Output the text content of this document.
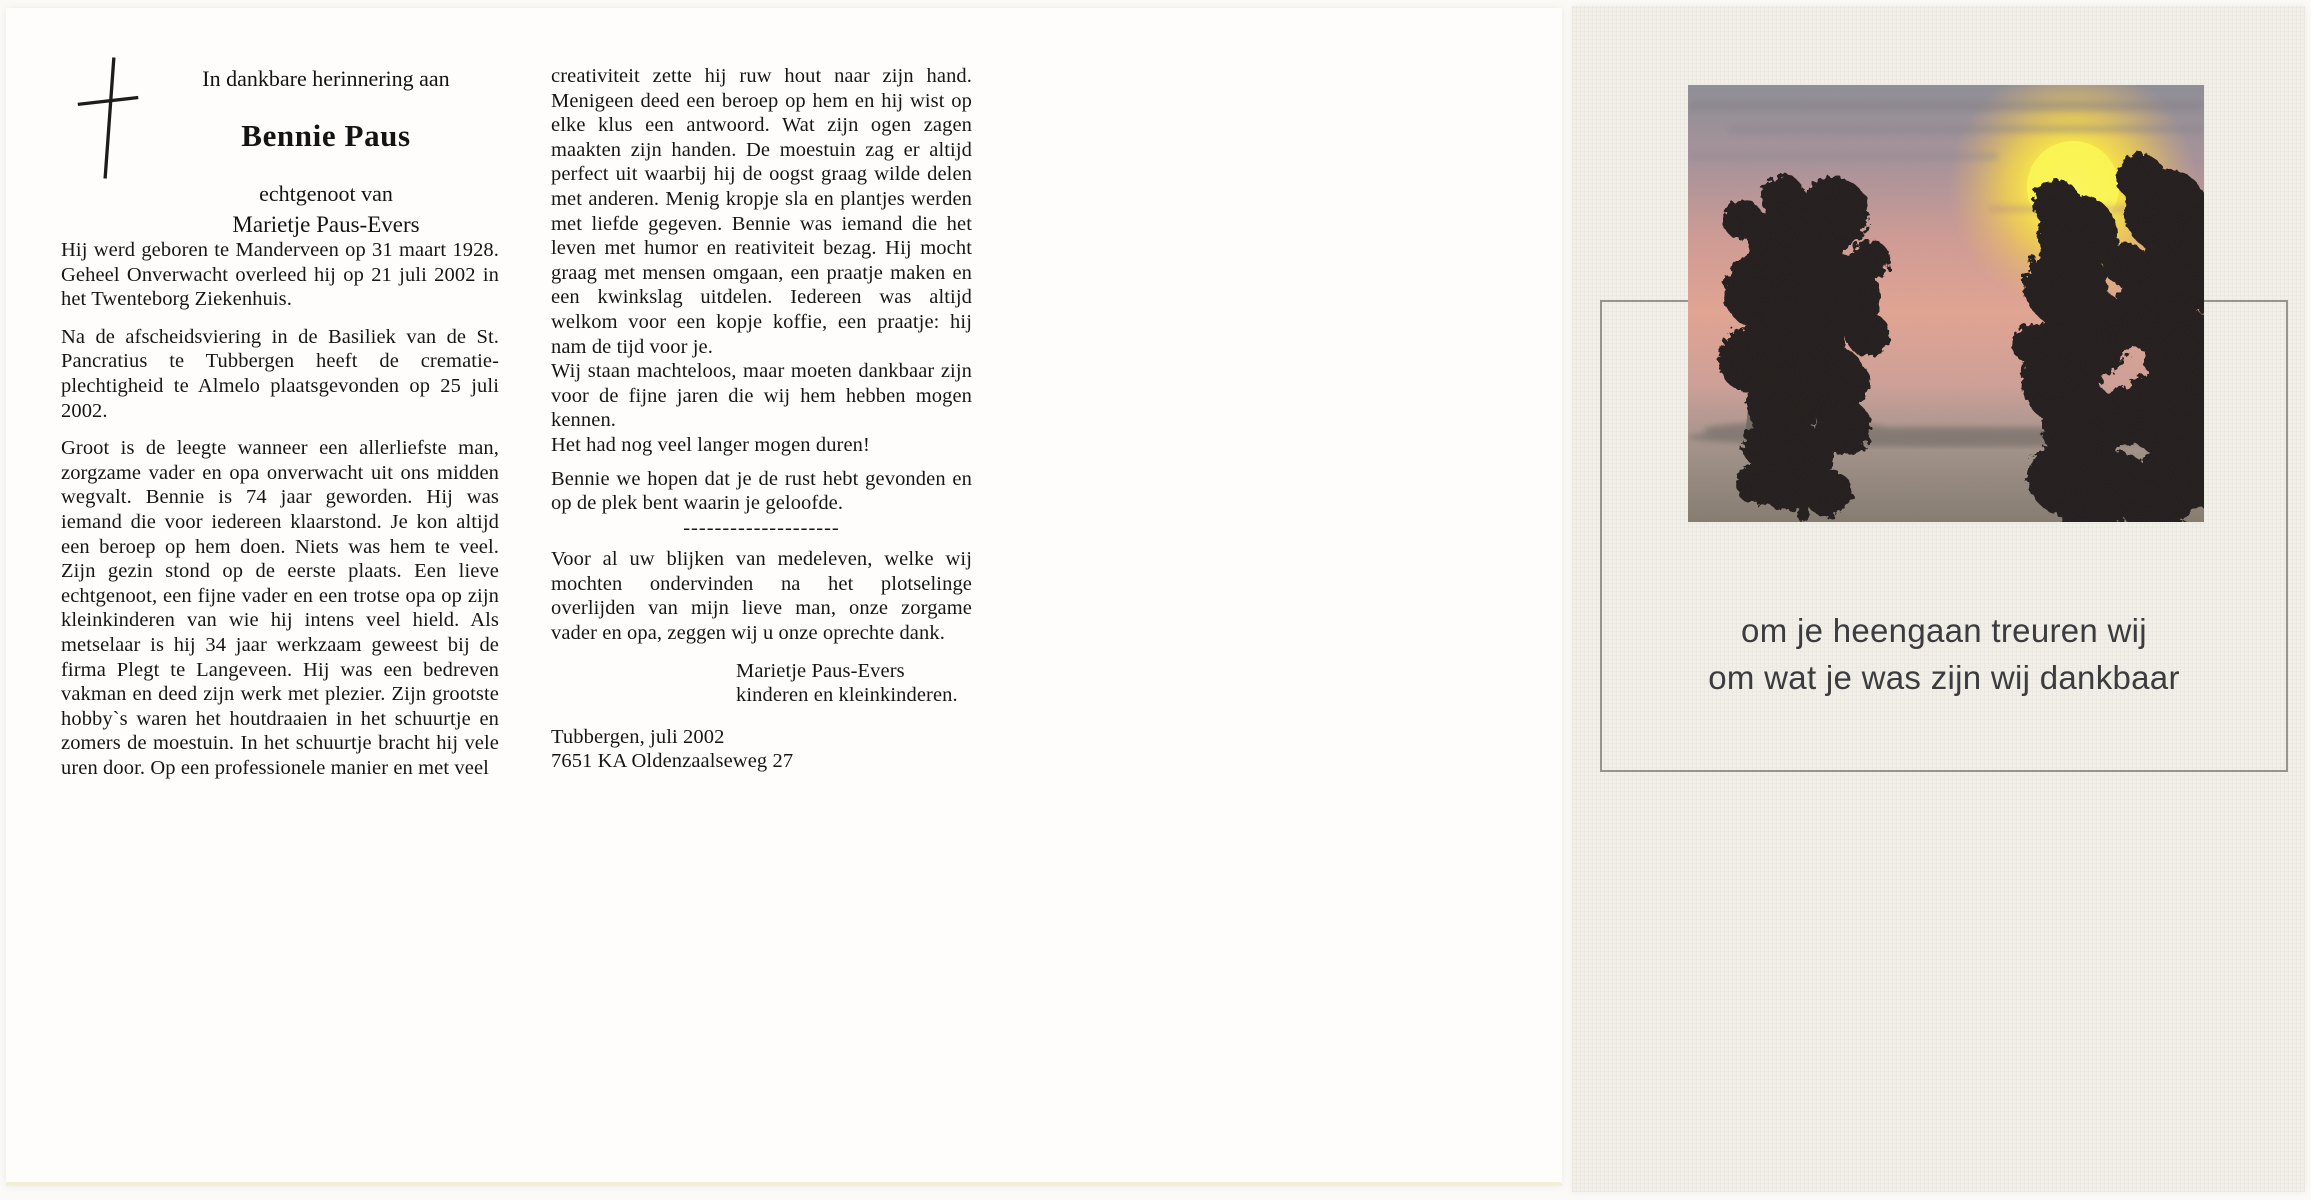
In dankbare herinnering aan
Bennie Paus
echtgenoot van
Marietje Paus-Evers

Hij werd geboren te Manderveen op 31 maart 1928. Geheel Onverwacht overleed hij op 21 juli 2002 in het Twenteborg Ziekenhuis.

Na de afscheidsviering in de Basiliek van de St. Pancratius te Tubbergen heeft de crematie-plechtigheid te Almelo plaatsgevonden op 25 juli 2002.

Groot is de leegte wanneer een allerliefste man, zorgzame vader en opa onverwacht uit ons midden wegvalt. Bennie is 74 jaar geworden. Hij was iemand die voor iedereen klaarstond. Je kon altijd een beroep op hem doen. Niets was hem te veel. Zijn gezin stond op de eerste plaats. Een lieve echtgenoot, een fijne vader en een trotse opa op zijn kleinkinderen van wie hij intens veel hield. Als metselaar is hij 34 jaar werkzaam geweest bij de firma Plegt te Langeveen. Hij was een bedreven vakman en deed zijn werk met plezier. Zijn grootste hobby`s waren het houtdraaien in het schuurtje en zomers de moestuin. In het schuurtje bracht hij vele uren door. Op een professionele manier en met veel

creativiteit zette hij ruw hout naar zijn hand. Menigeen deed een beroep op hem en hij wist op elke klus een antwoord. Wat zijn ogen zagen maakten zijn handen. De moestuin zag er altijd perfect uit waarbij hij de oogst graag wilde delen met anderen. Menig kropje sla en plantjes werden met liefde gegeven. Bennie was iemand die het leven met humor en reativiteit bezag. Hij mocht graag met mensen omgaan, een praatje maken en een kwinkslag uitdelen. Iedereen was altijd welkom voor een kopje koffie, een praatje: hij nam de tijd voor je.

Wij staan machteloos, maar moeten dankbaar zijn voor de fijne jaren die wij hem hebben mogen kennen.

Het had nog veel langer mogen duren!

Bennie we hopen dat je de rust hebt gevonden en op de plek bent waarin je geloofde.

--------------------

Voor al uw blijken van medeleven, welke wij mochten ondervinden na het plotselinge overlijden van mijn lieve man, onze zorgame vader en opa, zeggen wij u onze oprechte dank.

Marietje Paus-Evers
kinderen en kleinkinderen.
Tubbergen, juli 2002
7651 KA Oldenzaalseweg 27
om je heengaan treuren wij
om wat je was zijn wij dankbaar
